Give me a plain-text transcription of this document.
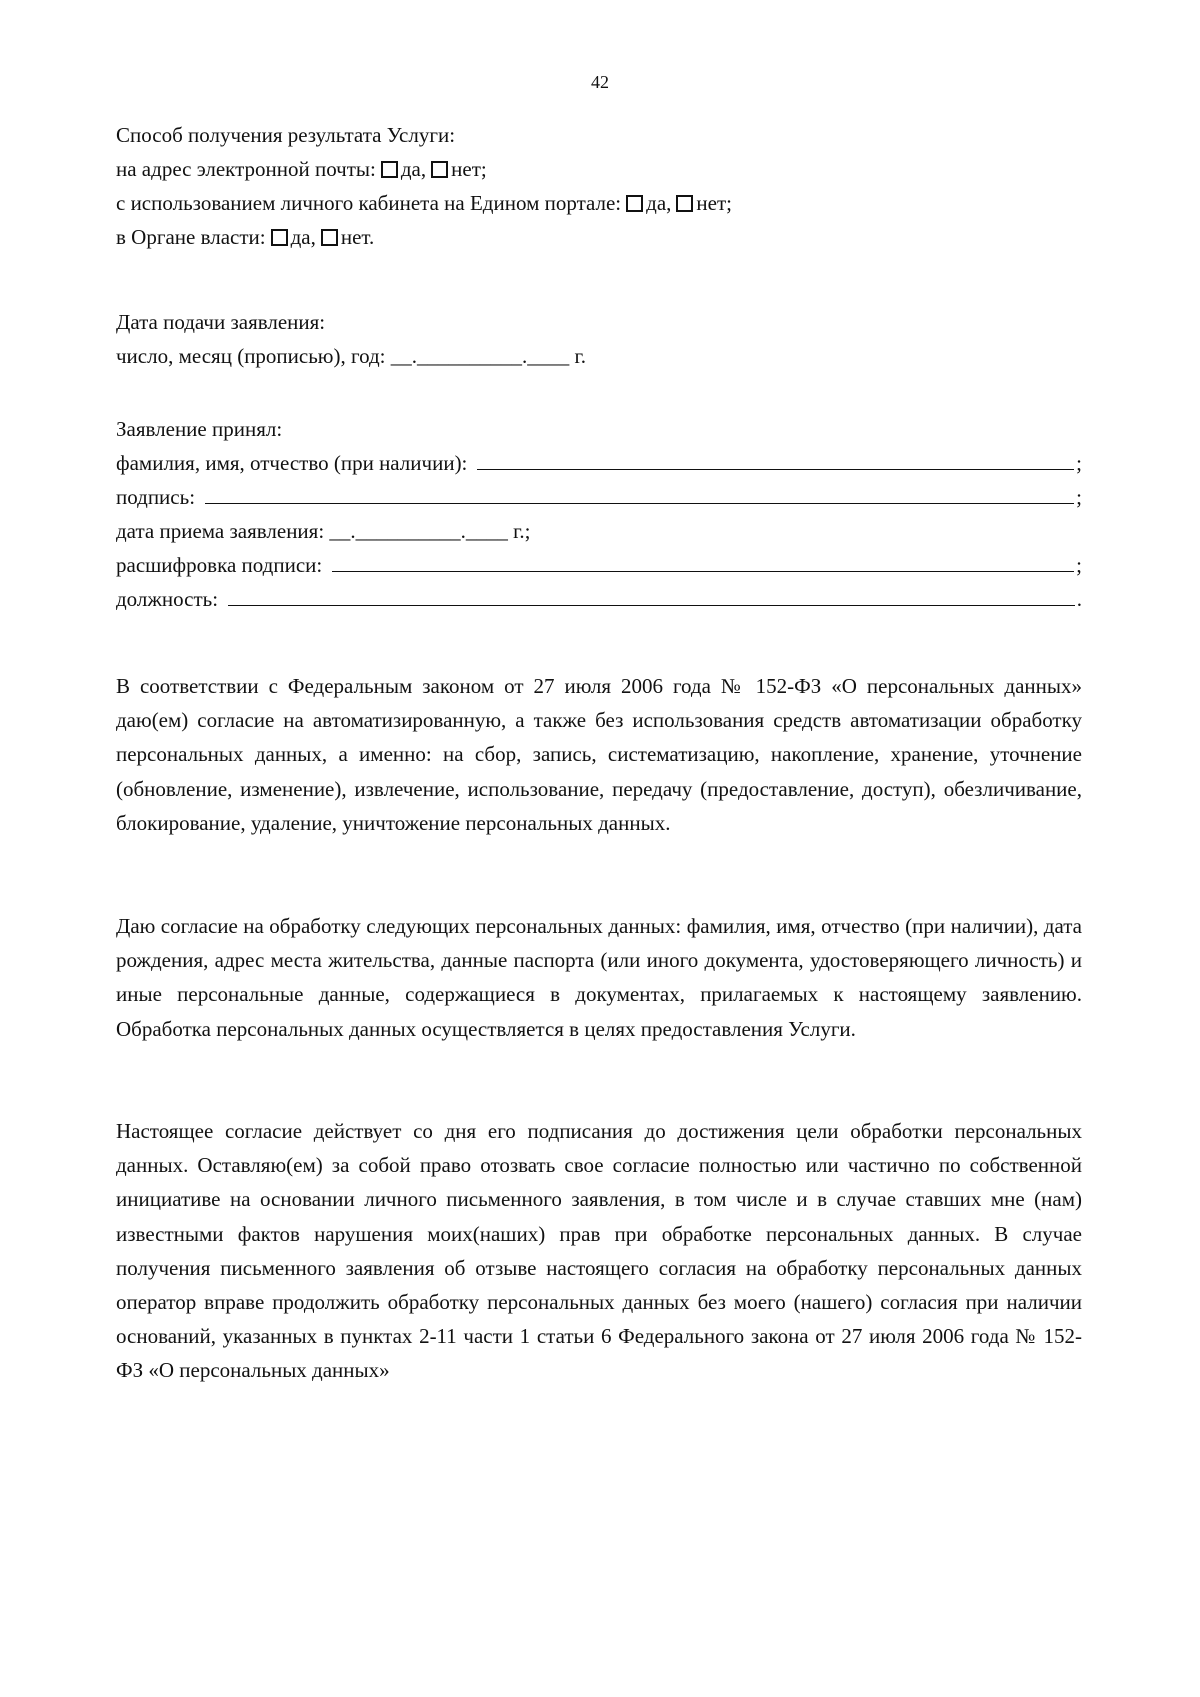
42
Способ получения результата Услуги:
на адрес электронной почты: да, нет;
с использованием личного кабинета на Едином портале: да, нет;
в Органе власти: да, нет.
Дата подачи заявления:
число, месяц (прописью), год: __.__________.____ г.
Заявление принял:
фамилия, имя, отчество (при наличии):	;
подпись:	;
дата приема заявления: __.__________.____ г.;
расшифровка подписи:	;
должность:	.
В соответствии с Федеральным законом от 27 июля 2006 года № 152-ФЗ «О персональных данных» даю(ем) согласие на автоматизированную, а также без использования средств автоматизации обработку персональных данных, а именно: на сбор, запись, систематизацию, накопление, хранение, уточнение (обновление, изменение), извлечение, использование, передачу (предоставление, доступ), обезличивание, блокирование, удаление, уничтожение персональных данных.
Даю согласие на обработку следующих персональных данных: фамилия, имя, отчество (при наличии), дата рождения, адрес места жительства, данные паспорта (или иного документа, удостоверяющего личность) и иные персональные данные, содержащиеся в документах, прилагаемых к настоящему заявлению. Обработка персональных данных осуществляется в целях предоставления Услуги.
Настоящее согласие действует со дня его подписания до достижения цели обработки персональных данных. Оставляю(ем) за собой право отозвать свое согласие полностью или частично по собственной инициативе на основании личного письменного заявления, в том числе и в случае ставших мне (нам) известными фактов нарушения моих(наших) прав при обработке персональных данных. В случае получения письменного заявления об отзыве настоящего согласия на обработку персональных данных оператор вправе продолжить обработку персональных данных без моего (нашего) согласия при наличии оснований, указанных в пунктах 2-11 части 1 статьи 6 Федерального закона от 27 июля 2006 года № 152-ФЗ «О персональных данных»
